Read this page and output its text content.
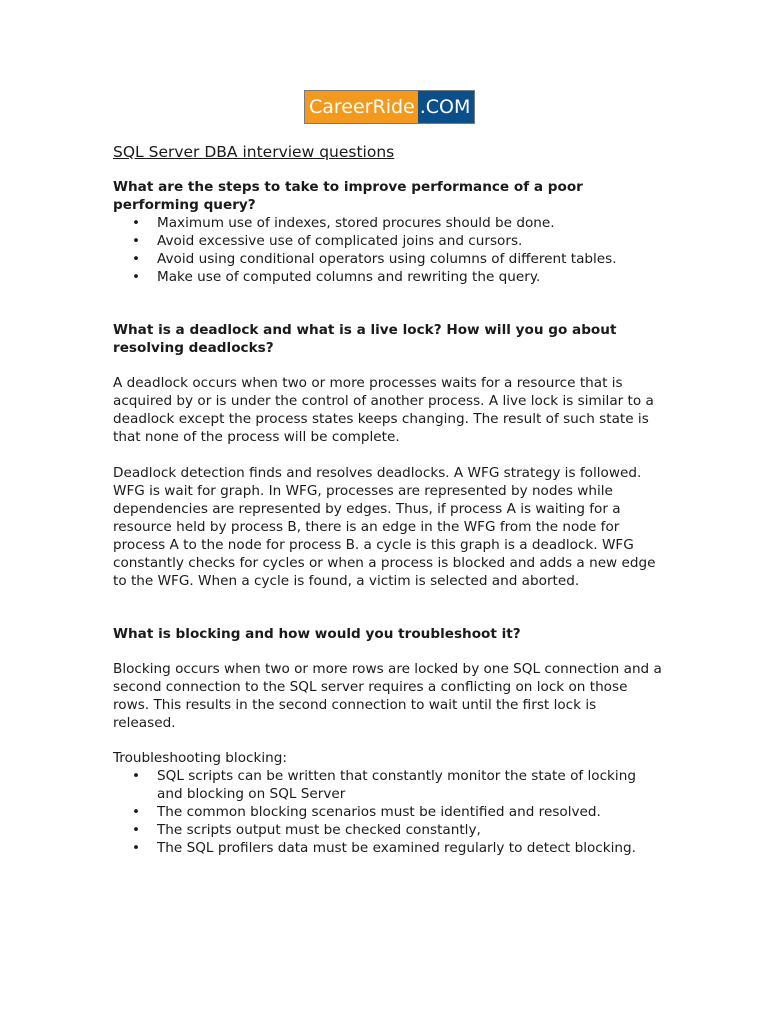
CareerRide .COM
SQL Server DBA interview questions

What are the steps to take to improve performance of a poor performing query?

• Maximum use of indexes, stored procures should be done.
• Avoid excessive use of complicated joins and cursors.
• Avoid using conditional operators using columns of different tables.
• Make use of computed columns and rewriting the query.

What is a deadlock and what is a live lock? How will you go about resolving deadlocks?

A deadlock occurs when two or more processes waits for a resource that is acquired by or is under the control of another process. A live lock is similar to a deadlock except the process states keeps changing. The result of such state is that none of the process will be complete.

Deadlock detection finds and resolves deadlocks. A WFG strategy is followed. WFG is wait for graph. In WFG, processes are represented by nodes while dependencies are represented by edges. Thus, if process A is waiting for a resource held by process B, there is an edge in the WFG from the node for process A to the node for process B. a cycle is this graph is a deadlock. WFG constantly checks for cycles or when a process is blocked and adds a new edge to the WFG. When a cycle is found, a victim is selected and aborted.

What is blocking and how would you troubleshoot it?

Blocking occurs when two or more rows are locked by one SQL connection and a second connection to the SQL server requires a conflicting on lock on those rows. This results in the second connection to wait until the first lock is released.

Troubleshooting blocking:

• SQL scripts can be written that constantly monitor the state of locking and blocking on SQL Server
• The common blocking scenarios must be identified and resolved.
• The scripts output must be checked constantly,
• The SQL profilers data must be examined regularly to detect blocking.
